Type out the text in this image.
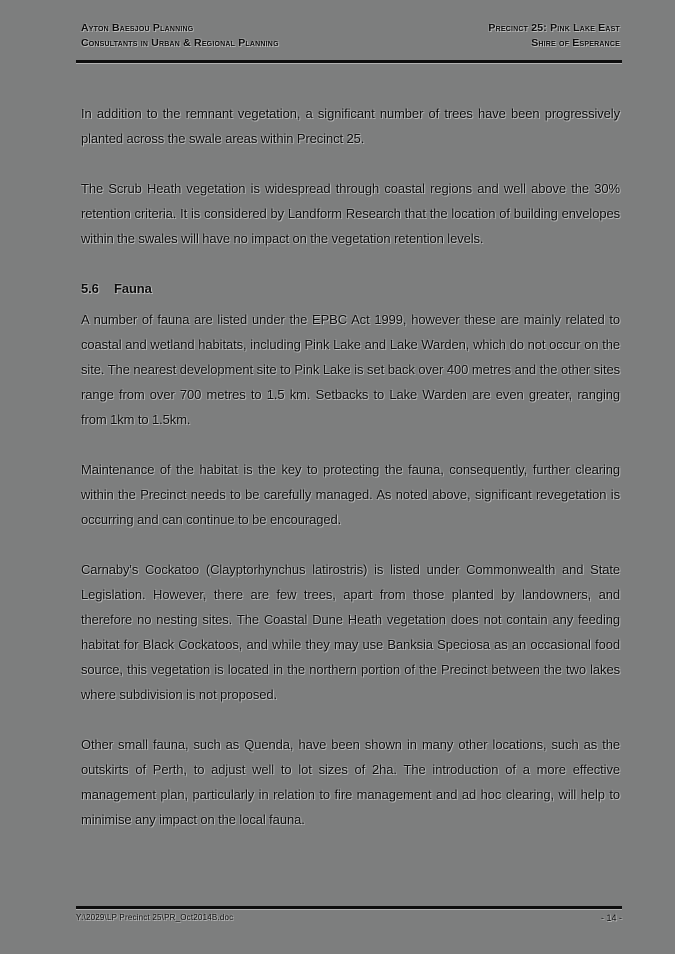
Ayton Baesjou Planning
Consultants in Urban & Regional Planning
Precinct 25: Pink Lake East
Shire of Esperance

In addition to the remnant vegetation, a significant number of trees have been progressively planted across the swale areas within Precinct 25.

The Scrub Heath vegetation is widespread through coastal regions and well above the 30% retention criteria. It is considered by Landform Research that the location of building envelopes within the swales will have no impact on the vegetation retention levels.

5.6 Fauna

A number of fauna are listed under the EPBC Act 1999, however these are mainly related to coastal and wetland habitats, including Pink Lake and Lake Warden, which do not occur on the site. The nearest development site to Pink Lake is set back over 400 metres and the other sites range from over 700 metres to 1.5 km. Setbacks to Lake Warden are even greater, ranging from 1km to 1.5km.

Maintenance of the habitat is the key to protecting the fauna, consequently, further clearing within the Precinct needs to be carefully managed. As noted above, significant revegetation is occurring and can continue to be encouraged.

Carnaby's Cockatoo (Clayptorhynchus latirostris) is listed under Commonwealth and State Legislation. However, there are few trees, apart from those planted by landowners, and therefore no nesting sites. The Coastal Dune Heath vegetation does not contain any feeding habitat for Black Cockatoos, and while they may use Banksia Speciosa as an occasional food source, this vegetation is located in the northern portion of the Precinct between the two lakes where subdivision is not proposed.

Other small fauna, such as Quenda, have been shown in many other locations, such as the outskirts of Perth, to adjust well to lot sizes of 2ha. The introduction of a more effective management plan, particularly in relation to fire management and ad hoc clearing, will help to minimise any impact on the local fauna.

Y:\2029\LP Precinct 25\PR_Oct2014B.doc	- 14 -
